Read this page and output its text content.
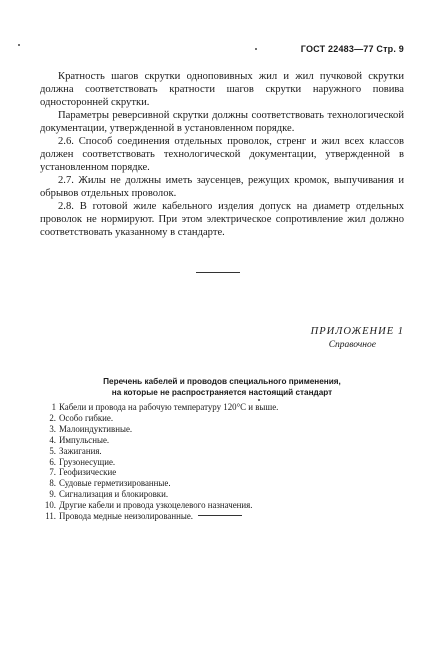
ГОСТ 22483—77 Стр. 9

Кратность шагов скрутки одноповивных жил и жил пучковой скрутки должна соответствовать кратности шагов скрутки наружного повива односторонней скрутки.

Параметры реверсивной скрутки должны соответствовать технологической документации, утвержденной в установленном порядке.

2.6. Способ соединения отдельных проволок, стренг и жил всех классов должен соответствовать технологической документации, утвержденной в установленном порядке.

2.7. Жилы не должны иметь заусенцев, режущих кромок, выпучивания и обрывов отдельных проволок.

2.8. В готовой жиле кабельного изделия допуск на диаметр отдельных проволок не нормируют. При этом электрическое сопротивление жил должно соответствовать указанному в стандарте.

ПРИЛОЖЕНИЕ 1
Справочное
Перечень кабелей и проводов специального применения,
на которые не распространяется настоящий стандарт
1 Кабели и провода на рабочую температуру 120°С и выше.
2. Особо гибкие.
3. Малоиндуктивные.
4. Импульсные.
5. Зажигания.
6. Грузонесущие.
7. Геофизические
8. Судовые герметизированные.
9. Сигнализация и блокировки.
10. Другие кабели и провода узкоцелевого назначения.
11. Провода медные неизолированные.
